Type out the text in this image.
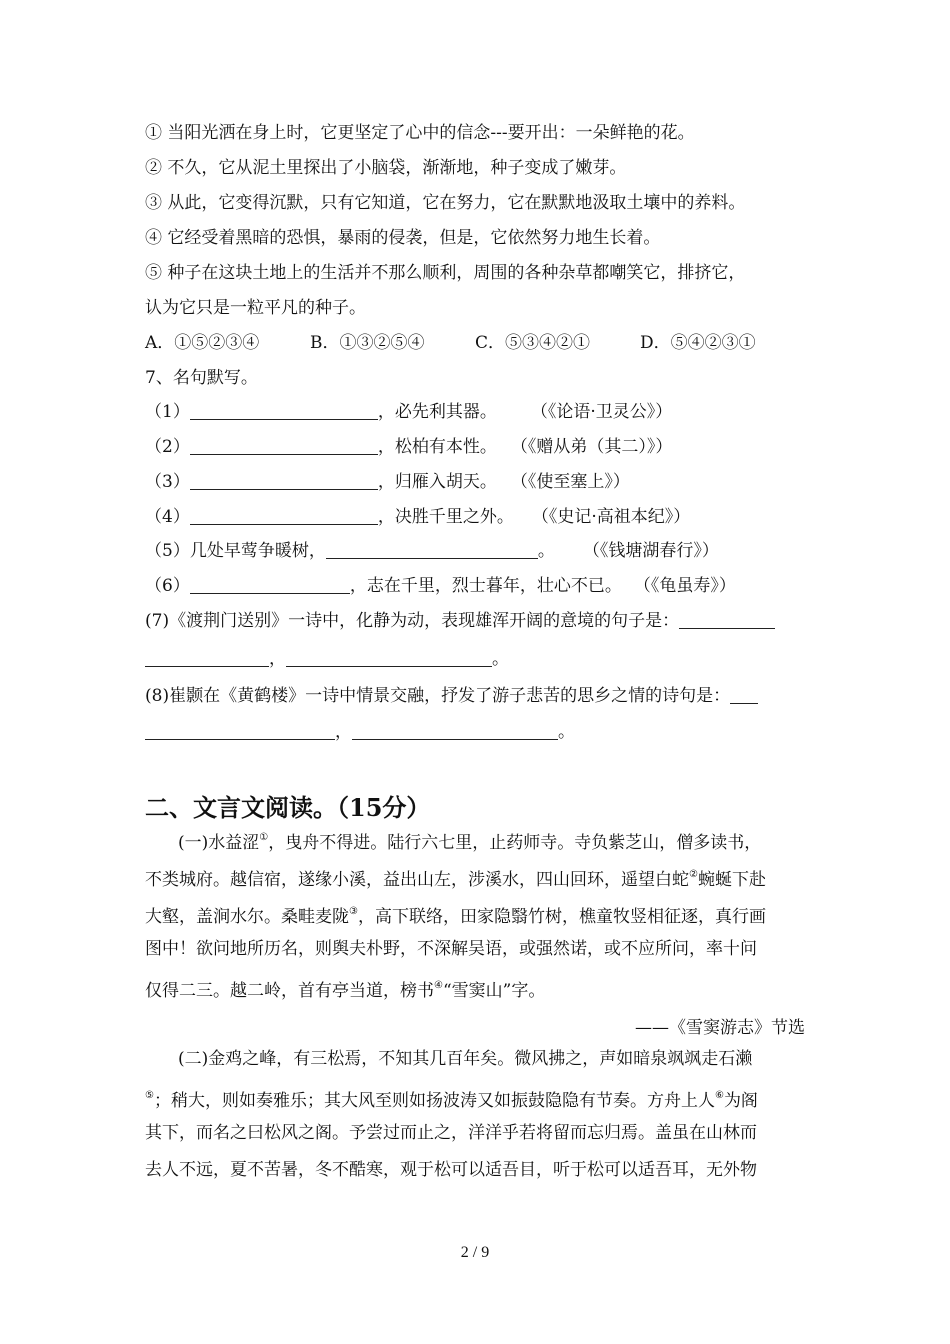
① 当阳光洒在身上时，它更坚定了心中的信念---要开出：一朵鲜艳的花。
② 不久，它从泥土里探出了小脑袋，渐渐地，种子变成了嫩芽。
③ 从此，它变得沉默，只有它知道，它在努力，它在默默地汲取土壤中的养料。
④ 它经受着黑暗的恐惧，暴雨的侵袭，但是，它依然努力地生长着。
⑤ 种子在这块土地上的生活并不那么顺利，周围的各种杂草都嘲笑它，排挤它，
认为它只是一粒平凡的种子。
A．①⑤②③④	B．①③②⑤④	C．⑤③④②①	D．⑤④②③①
7、名句默写。
（1）	，必先利其器。 （《论语·卫灵公》）
（2）	，松柏有本性。 （《赠从弟（其二）》）
（3）	，归雁入胡天。 （《使至塞上》）
（4）	，决胜千里之外。 （《史记·高祖本纪》）
（5）几处早莺争暖树，	。 （《钱塘湖春行》）
（6）	，志在千里，烈士暮年，壮心不已。 （《龟虽寿》）
(7)《渡荆门送别》一诗中，化静为动，表现雄浑开阔的意境的句子是：
，	。
(8)崔颢在《黄鹤楼》一诗中情景交融，抒发了游子悲苦的思乡之情的诗句是：
，	。
二、文言文阅读。（15分）
(一)水益涩①，曳舟不得进。陆行六七里，止药师寺。寺负紫芝山，僧多读书，
不类城府。越信宿，遂缘小溪，益出山左，涉溪水，四山回环，遥望白蛇②蜿蜒下赴
大壑，盖涧水尔。桑畦麦陇③，高下联络，田家隐翳竹树，樵童牧竖相征逐，真行画
图中！欲问地所历名，则舆夫朴野，不深解吴语，或强然诺，或不应所问，率十问
仅得二三。越二岭，首有亭当道，榜书④“雪窦山”字。
——《雪窦游志》节选
(二)金鸡之峰，有三松焉，不知其几百年矣。微风拂之，声如暗泉飒飒走石濑
⑤；稍大，则如奏雅乐；其大风至则如扬波涛又如振鼓隐隐有节奏。方舟上人⑥为阁
其下，而名之曰松风之阁。予尝过而止之，洋洋乎若将留而忘归焉。盖虽在山林而
去人不远，夏不苦暑，冬不酷寒，观于松可以适吾目，听于松可以适吾耳，无外物
2 / 9
